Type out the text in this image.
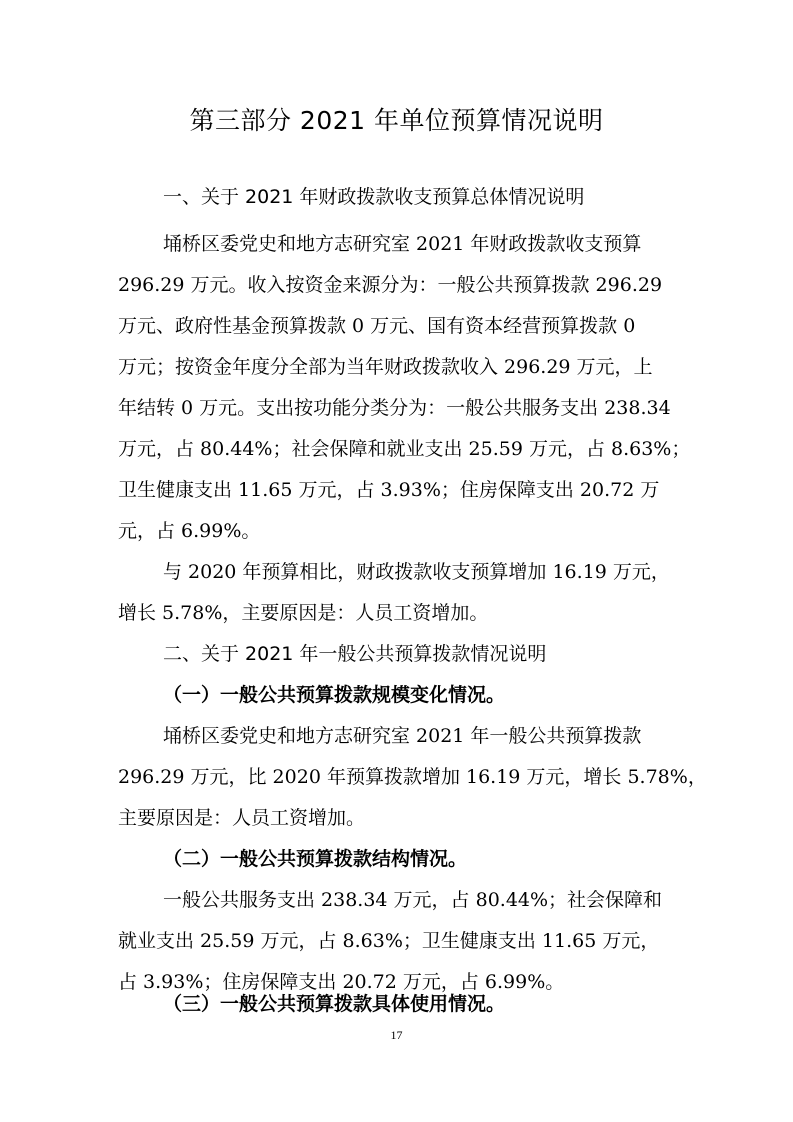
第三部分 2021 年单位预算情况说明
一、关于 2021 年财政拨款收支预算总体情况说明
埇桥区委党史和地方志研究室 2021 年财政拨款收支预算
296.29 万元。收入按资金来源分为：一般公共预算拨款 296.29
万元、政府性基金预算拨款 0 万元、国有资本经营预算拨款 0
万元；按资金年度分全部为当年财政拨款收入 296.29 万元，上
年结转 0 万元。支出按功能分类分为：一般公共服务支出 238.34
万元，占 80.44%；社会保障和就业支出 25.59 万元，占 8.63%；
卫生健康支出 11.65 万元，占 3.93%；住房保障支出 20.72 万
元，占 6.99%。
与 2020 年预算相比，财政拨款收支预算增加 16.19 万元，
增长 5.78%，主要原因是：人员工资增加。
二、关于 2021 年一般公共预算拨款情况说明
（一）一般公共预算拨款规模变化情况。
埇桥区委党史和地方志研究室 2021 年一般公共预算拨款
296.29 万元，比 2020 年预算拨款增加 16.19 万元，增长 5.78%，
主要原因是：人员工资增加。
（二）一般公共预算拨款结构情况。
一般公共服务支出 238.34 万元，占 80.44%；社会保障和
就业支出 25.59 万元，占 8.63%；卫生健康支出 11.65 万元，
占 3.93%；住房保障支出 20.72 万元，占 6.99%。
（三）一般公共预算拨款具体使用情况。
17
